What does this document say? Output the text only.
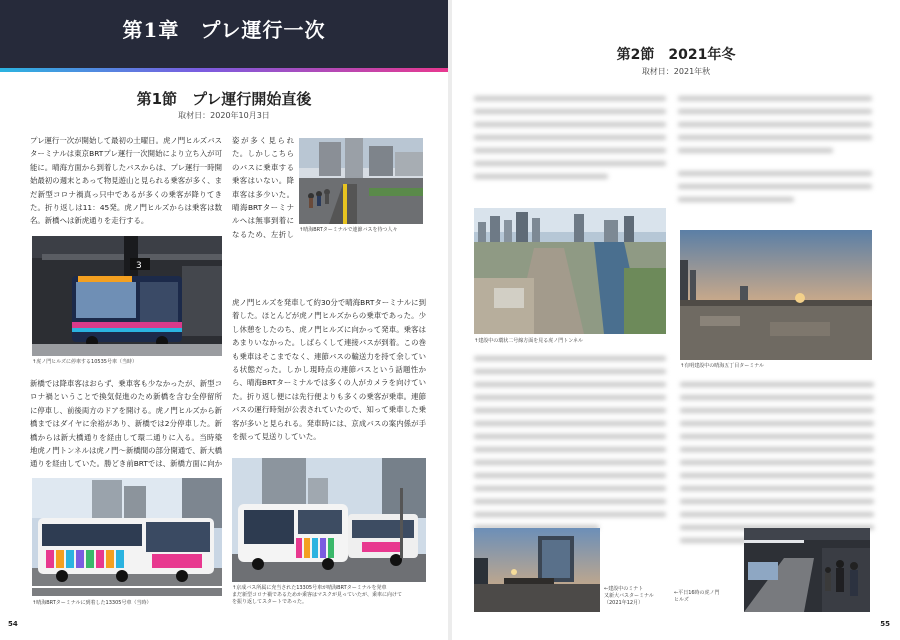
第1章　プレ運行一次
第1節　プレ運行開始直後
取材日：2020年10月3日
プレ運行一次が開始して最初の土曜日。虎ノ門ヒルズバスターミナルは東京BRTプレ運行一次開始により立ち入が可能に。晴海方面から到着したバスからは、プレ運行一時開始最初の週末とあって物見遊山と見られる乗客が多く、まだ新型コロナ禍真っ只中であるが多くの乗客が降りてきた。折り返しは11：45発。虎ノ門ヒルズからは乗客は数名。新橋へは新虎通りを走行する。
姿が多く見られた。しかしこちらのバスに乗車する乗客はいない。降車客は多少いた。晴海BRTターミナルへは無事到着になるため、左折し ↑晴海BRTターミナルで連節バスを待つ人々
3
↑虎ノ門ヒルズに停車する10535号車（当時）
虎ノ門ヒルズを発車して約30分で晴海BRTターミナルに到着した。ほとんどが虎ノ門ヒルズからの乗車であった。少し休憩をしたのち、虎ノ門ヒルズに向かって発車。乗客はあまりいなかった。しばらくして連接バスが到着。この巻も乗車はそこまでなく、連節バスの輸送力を持て余している状態だった。しかし現時点の連節バスという話題性から、晴海BRTターミナルでは多くの人がカメラを向けていた。折り返し便には先行便よりも多くの乗客が乗車。連節バスの運行時刻が公表されていたので、知って乗車した乗客が多いと見られる。発車時には、京成バスの案内係が手を振って見送りしていた。
新橋では降車客はおらず、乗車客も少なかったが、新型コロナ禍ということで換気促進のため新橋を含む全停留所に停車し、前後両方のドアを開ける。虎ノ門ヒルズから新橋まではダイヤに余裕があり、新橋では2分停車した。新橋からは新大橋通りを経由して環二通りに入る。当時築地虎ノ門トンネルは虎ノ門〜新橋間の部分開通で、新大橋通りを経由していた。勝どき前BRTでは、新橋方面に向か
↑晴海BRTターミナルに到着した13305号車（当時）
↑京成バス所属に充当された13305号車が晴海BRTターミナルを発車
まだ新型コロナ禍であるためか乗客はマスクが見っていたが、乗車に向けて
を振り返してスタートであった。
54
第2節　2021年冬
取材日：2021年秋
↑建設中の環状二号線方面を見る虎ノ門トンネル
↑有明建設中の晴海五丁目ターミナル
←建設中のミナト
又新大バスターミナル
（2021年12月）
←平日16時の虎ノ門
ヒルズ
55
